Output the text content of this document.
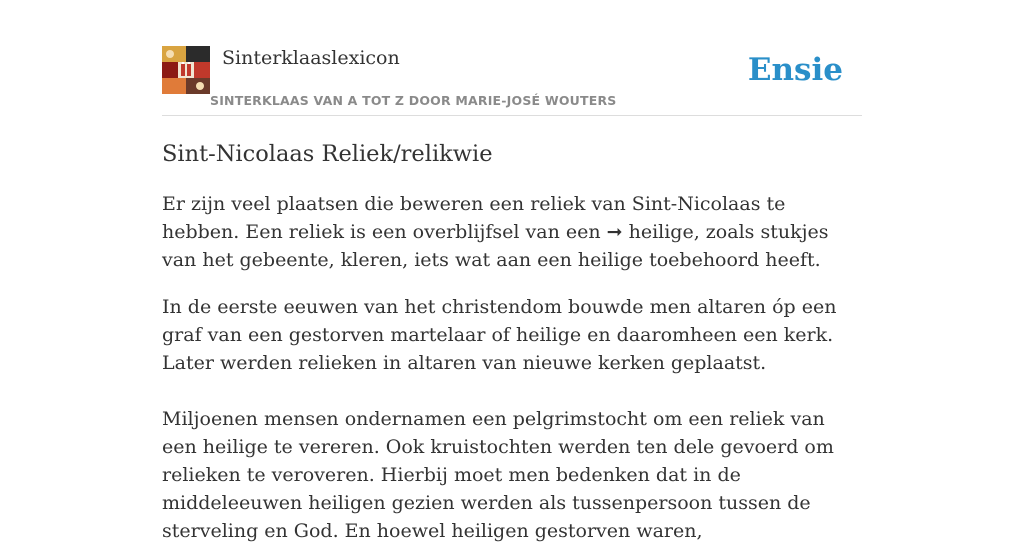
Sinterklaaslexicon
SINTERKLAAS VAN A TOT Z DOOR MARIE-JOSÉ WOUTERS
Ensie
Sint-Nicolaas Reliek/relikwie

Er zijn veel plaatsen die beweren een reliek van Sint-Nicolaas te hebben. Een reliek is een overblijfsel van een ➞ heilige, zoals stukjes van het gebeente, kleren, iets wat aan een heilige toebehoord heeft.

In de eerste eeuwen van het christendom bouwde men altaren óp een graf van een gestorven martelaar of heilige en daaromheen een kerk. Later werden relieken in altaren van nieuwe kerken geplaatst.

Miljoenen mensen ondernamen een pelgrimstocht om een reliek van een heilige te vereren. Ook kruistochten werden ten dele gevoerd om relieken te veroveren. Hierbij moet men bedenken dat in de middeleeuwen heiligen gezien werden als tussenpersoon tussen de sterveling en God. En hoewel heiligen gestorven waren,
